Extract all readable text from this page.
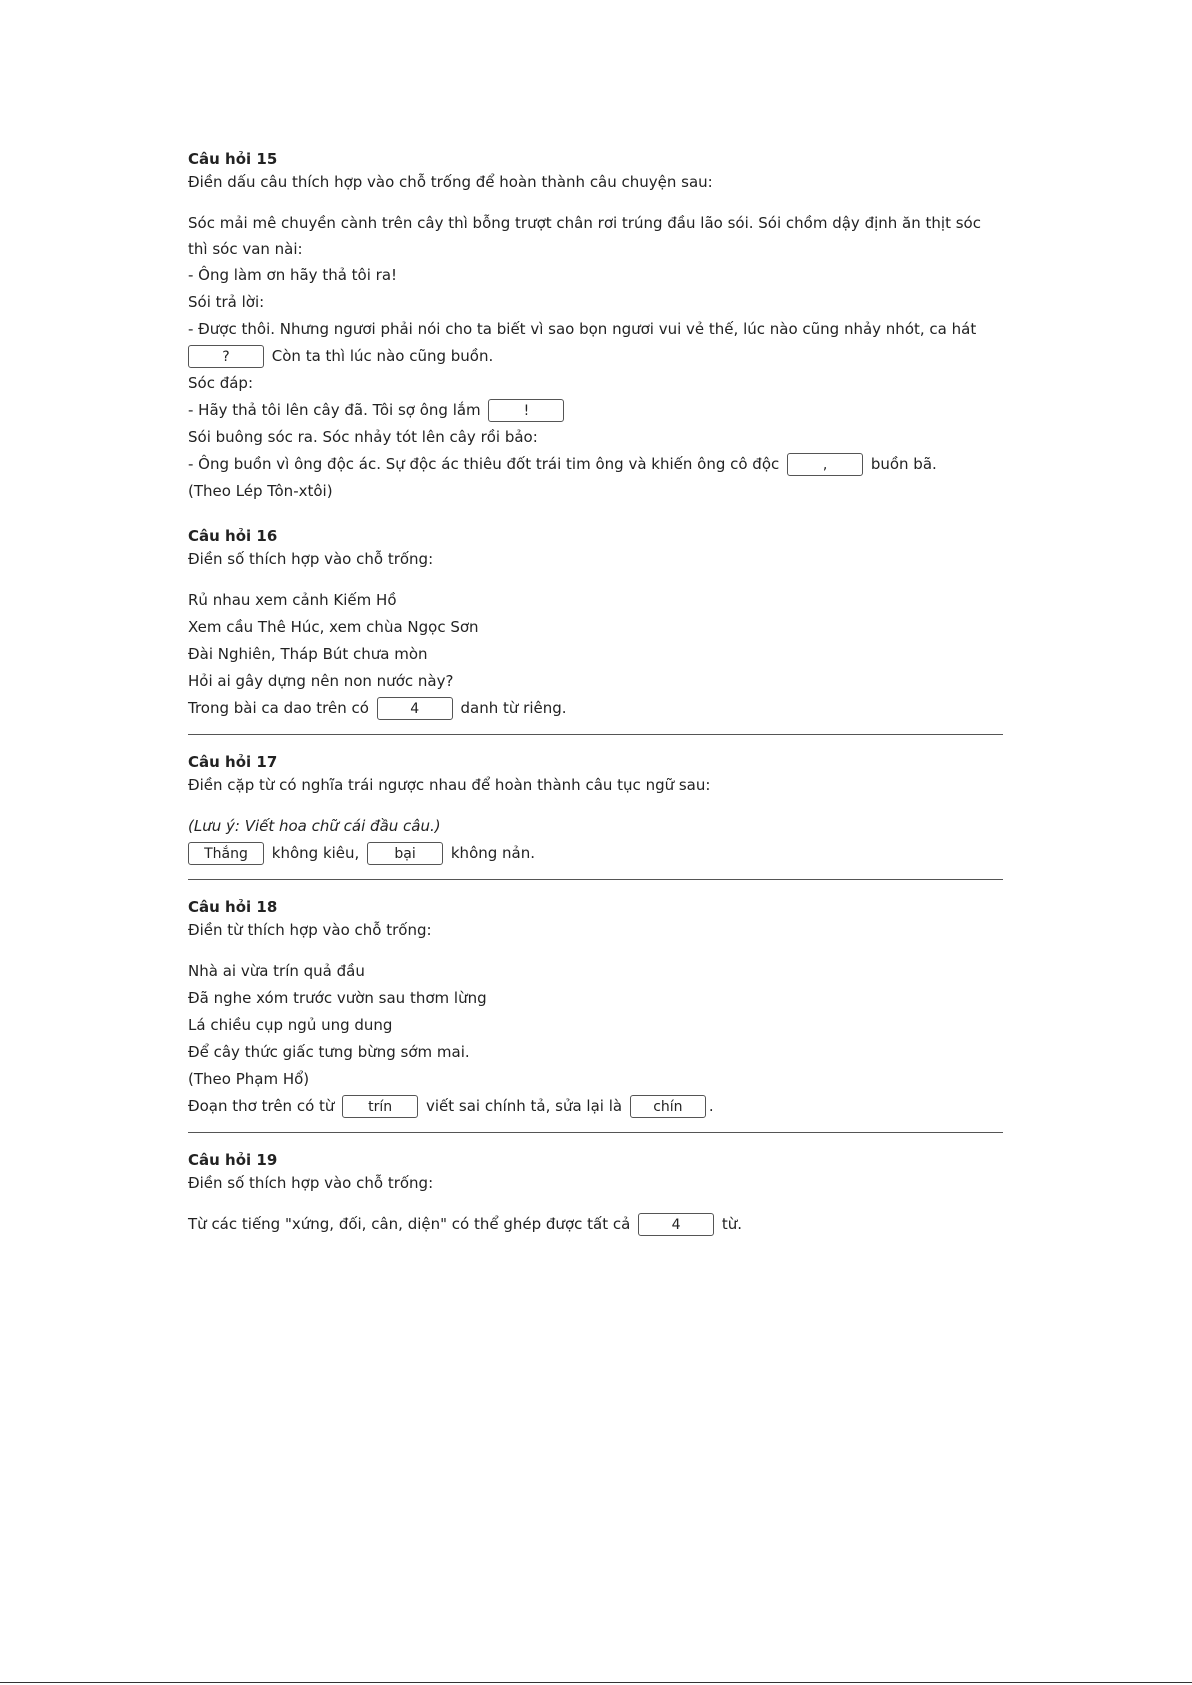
Câu hỏi 15
Điền dấu câu thích hợp vào chỗ trống để hoàn thành câu chuyện sau:
Sóc mải mê chuyền cành trên cây thì bỗng trượt chân rơi trúng đầu lão sói. Sói chồm dậy định ăn thịt sóc thì sóc van nài:
- Ông làm ơn hãy thả tôi ra!
Sói trả lời:
- Được thôi. Nhưng ngươi phải nói cho ta biết vì sao bọn ngươi vui vẻ thế, lúc nào cũng nhảy nhót, ca hát
?	Còn ta thì lúc nào cũng buồn.
Sóc đáp:
- Hãy thả tôi lên cây đã. Tôi sợ ông lắm	!
Sói buông sóc ra. Sóc nhảy tót lên cây rồi bảo:
- Ông buồn vì ông độc ác. Sự độc ác thiêu đốt trái tim ông và khiến ông cô độc	,	buồn bã.
(Theo Lép Tôn-xtôi)
Câu hỏi 16
Điền số thích hợp vào chỗ trống:
Rủ nhau xem cảnh Kiếm Hồ
Xem cầu Thê Húc, xem chùa Ngọc Sơn
Đài Nghiên, Tháp Bút chưa mòn
Hỏi ai gây dựng nên non nước này?
Trong bài ca dao trên có	4	danh từ riêng.
Câu hỏi 17
Điền cặp từ có nghĩa trái ngược nhau để hoàn thành câu tục ngữ sau:
(Lưu ý: Viết hoa chữ cái đầu câu.)
Thắng không kiêu,	bại không nản.
Câu hỏi 18
Điền từ thích hợp vào chỗ trống:
Nhà ai vừa trín quả đầu
Đã nghe xóm trước vườn sau thơm lừng
Lá chiều cụp ngủ ung dung
Để cây thức giấc tưng bừng sớm mai.
(Theo Phạm Hổ)
Đoạn thơ trên có từ trín viết sai chính tả, sửa lại là chín .
Câu hỏi 19
Điền số thích hợp vào chỗ trống:
Từ các tiếng "xứng, đối, cân, diện" có thể ghép được tất cả	4	từ.
